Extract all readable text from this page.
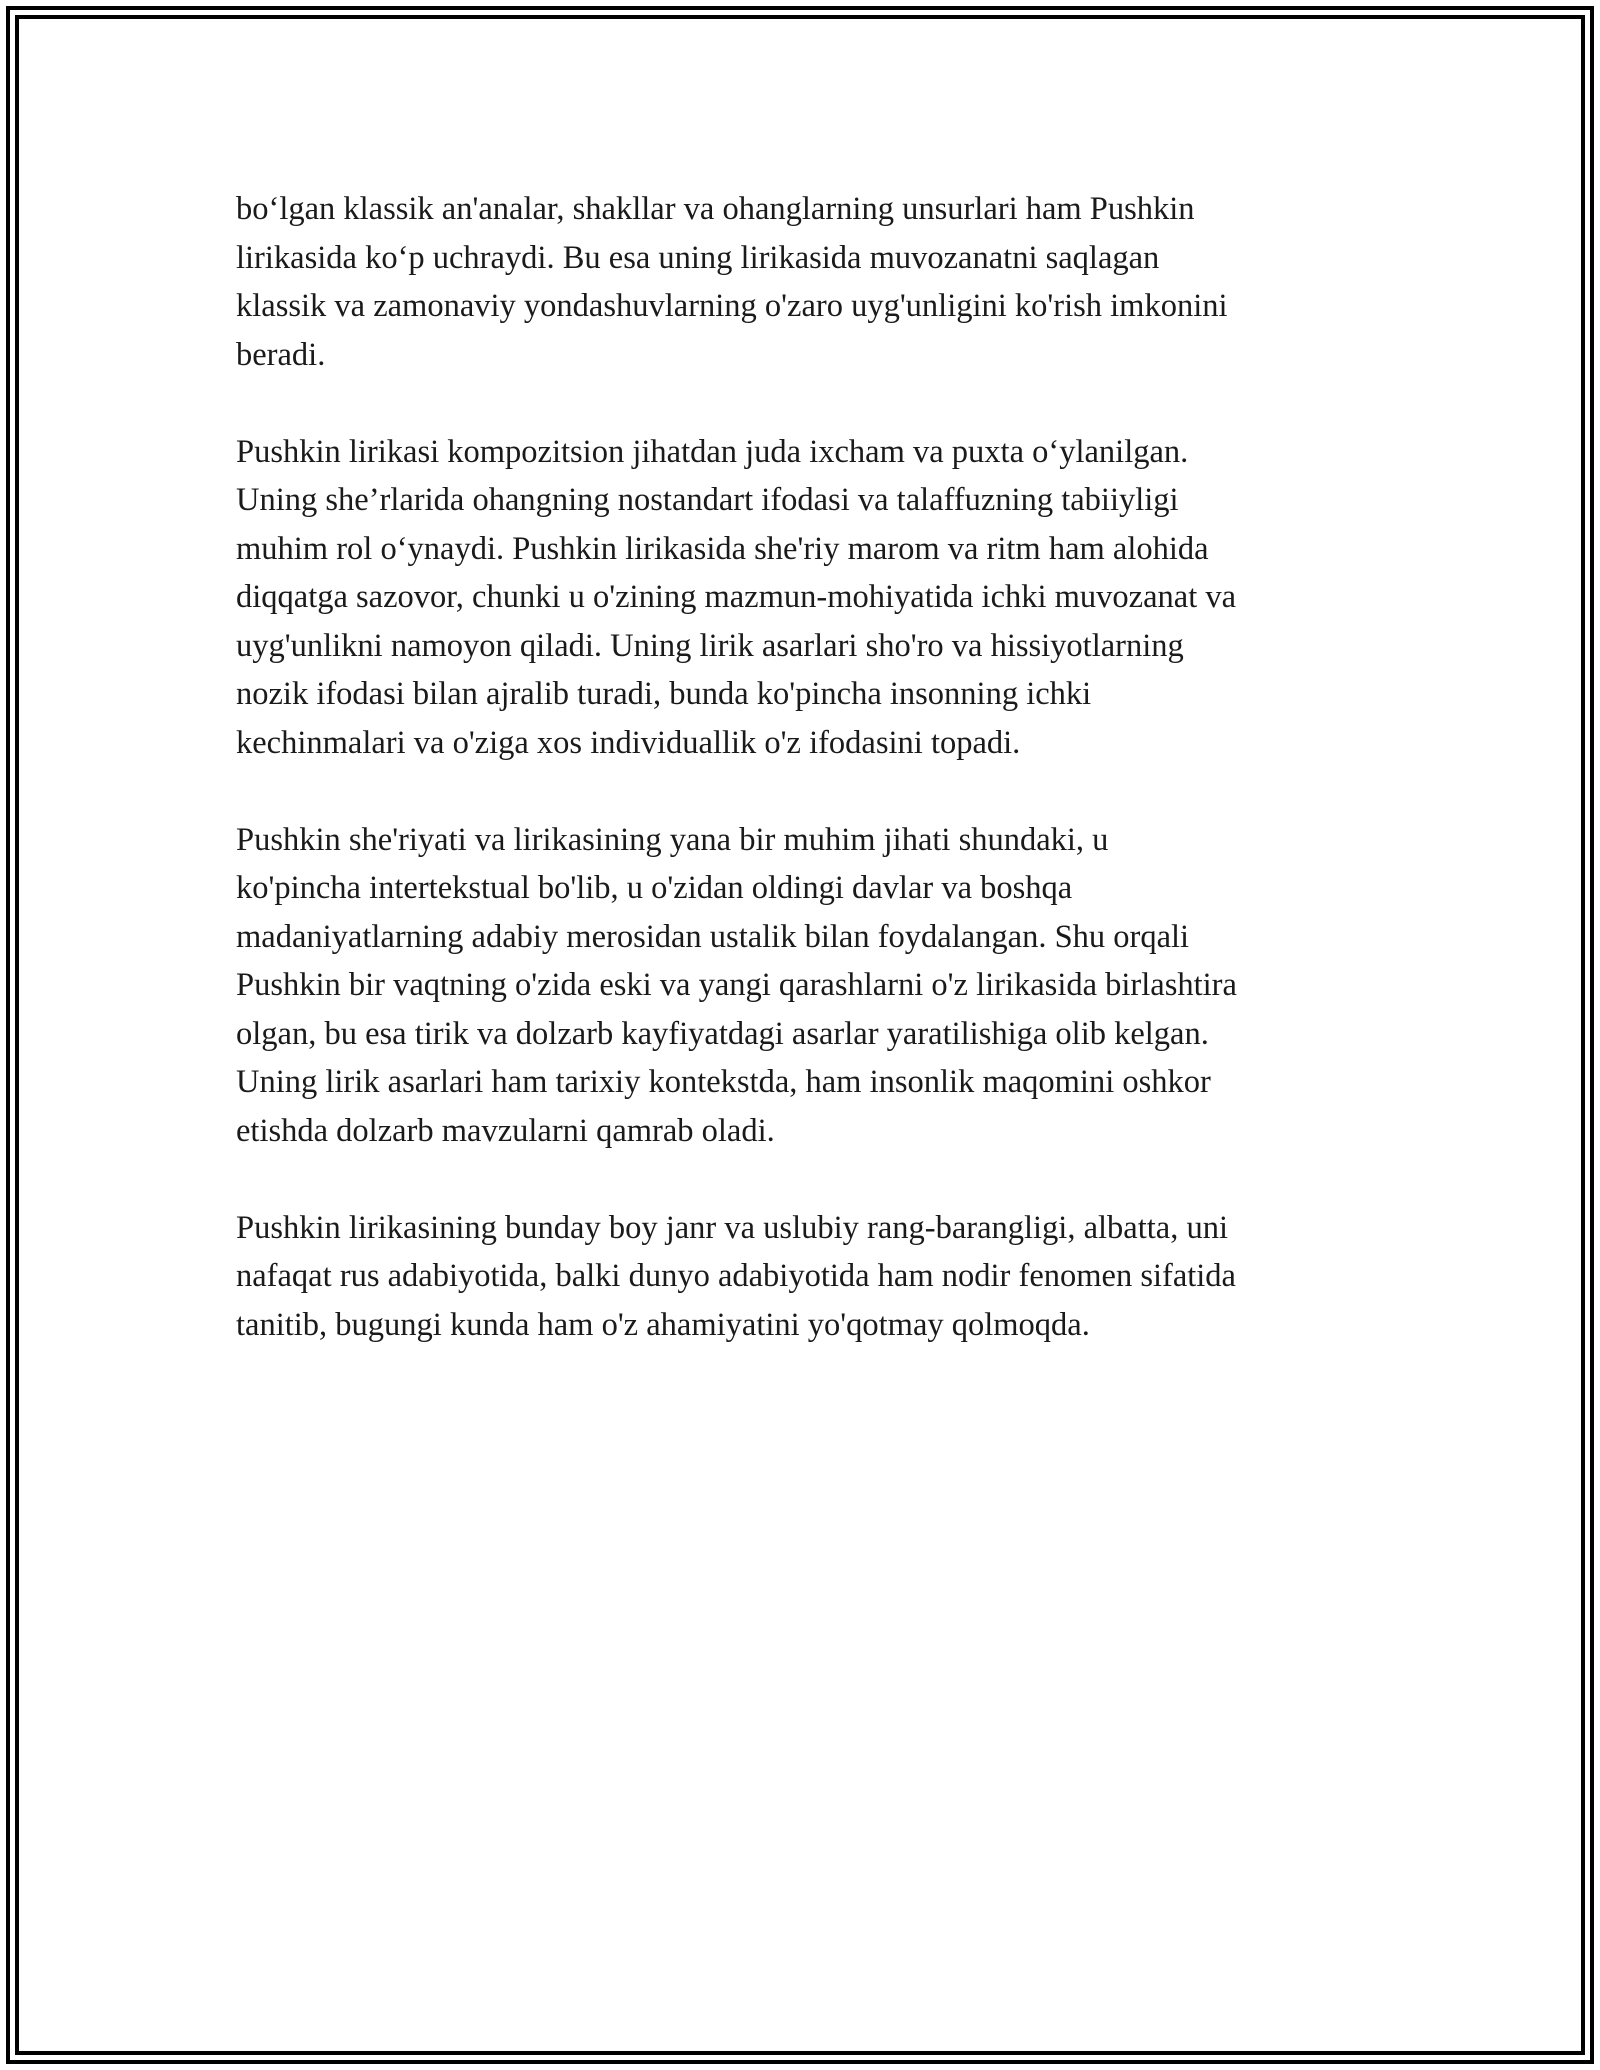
bo‘lgan klassik an'analar, shakllar va ohanglarning unsurlari ham Pushkin
lirikasida ko‘p uchraydi. Bu esa uning lirikasida muvozanatni saqlagan
klassik va zamonaviy yondashuvlarning o'zaro uyg'unligini ko'rish imkonini
beradi.

Pushkin lirikasi kompozitsion jihatdan juda ixcham va puxta o‘ylanilgan.
Uning she’rlarida ohangning nostandart ifodasi va talaffuzning tabiiyligi
muhim rol o‘ynaydi. Pushkin lirikasida she'riy marom va ritm ham alohida
diqqatga sazovor, chunki u o'zining mazmun-mohiyatida ichki muvozanat va
uyg'unlikni namoyon qiladi. Uning lirik asarlari sho'ro va hissiyotlarning
nozik ifodasi bilan ajralib turadi, bunda ko'pincha insonning ichki
kechinmalari va o'ziga xos individuallik o'z ifodasini topadi.

Pushkin she'riyati va lirikasining yana bir muhim jihati shundaki, u
ko'pincha intertekstual bo'lib, u o'zidan oldingi davlar va boshqa
madaniyatlarning adabiy merosidan ustalik bilan foydalangan. Shu orqali
Pushkin bir vaqtning o'zida eski va yangi qarashlarni o'z lirikasida birlashtira
olgan, bu esa tirik va dolzarb kayfiyatdagi asarlar yaratilishiga olib kelgan.
Uning lirik asarlari ham tarixiy kontekstda, ham insonlik maqomini oshkor
etishda dolzarb mavzularni qamrab oladi.

Pushkin lirikasining bunday boy janr va uslubiy rang-barangligi, albatta, uni
nafaqat rus adabiyotida, balki dunyo adabiyotida ham nodir fenomen sifatida
tanitib, bugungi kunda ham o'z ahamiyatini yo'qotmay qolmoqda.
